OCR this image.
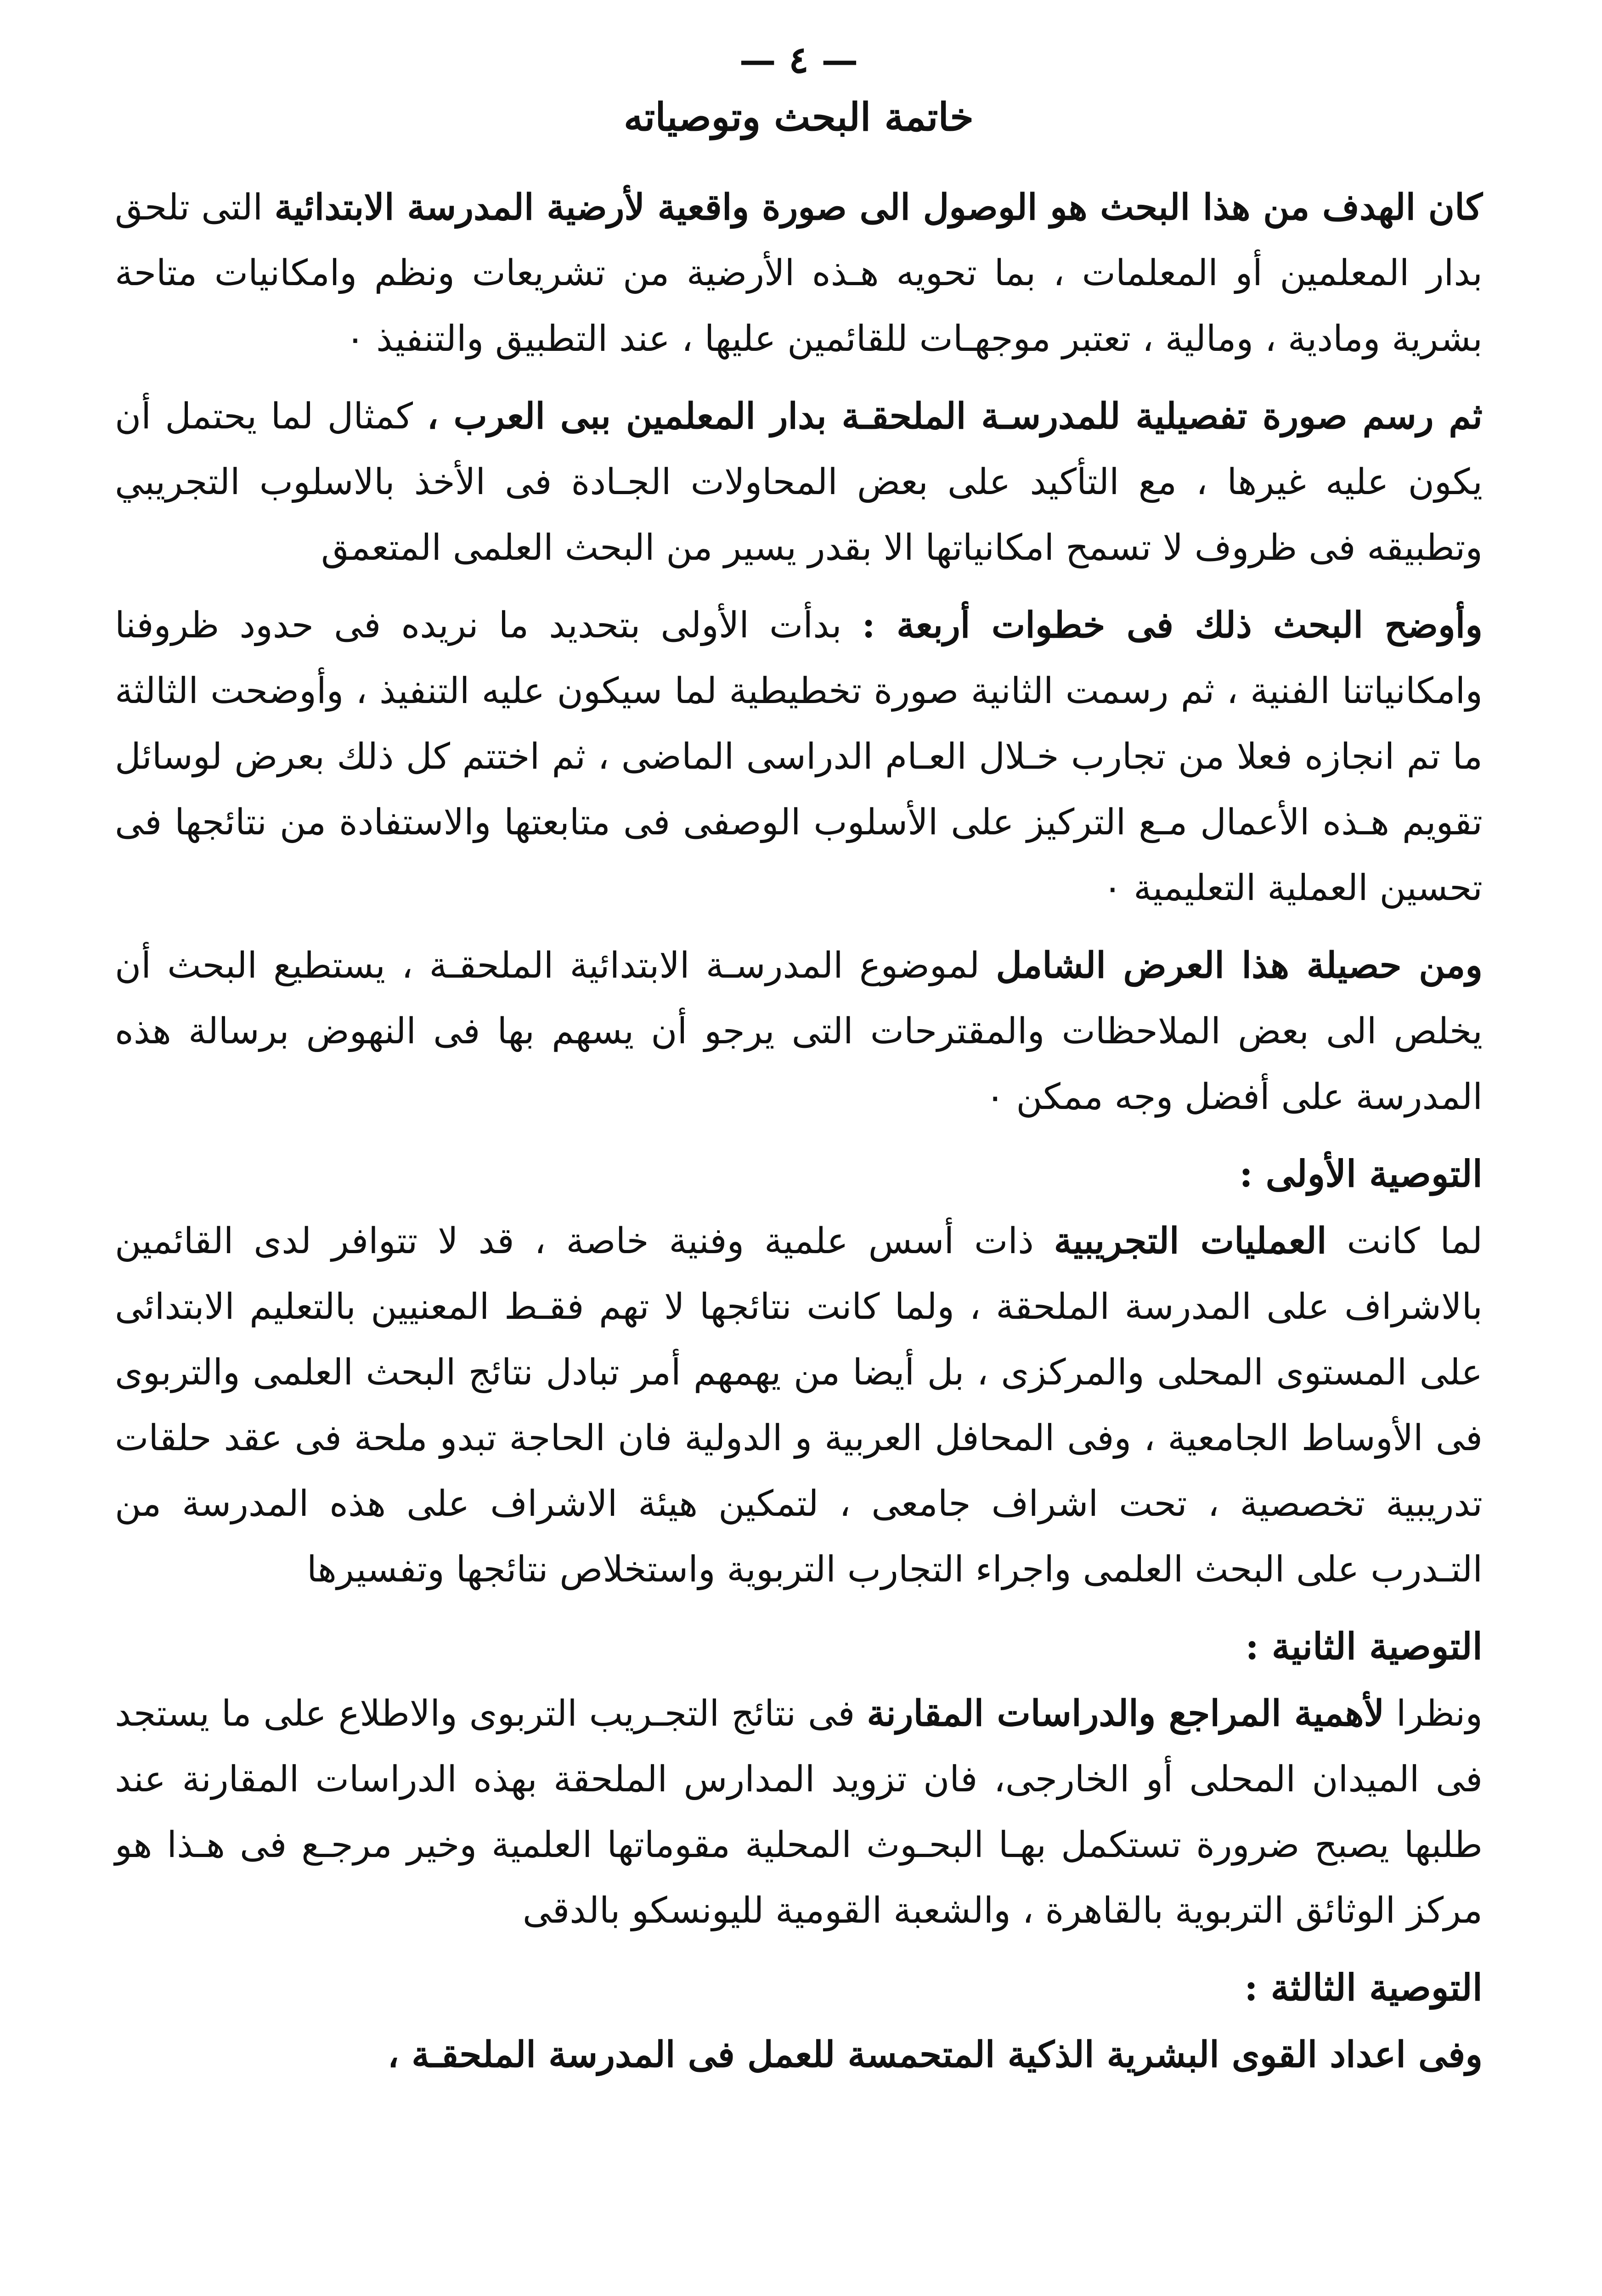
— ٤ —
خاتمة البحث وتوصياته

كان الهدف من هذا البحث هو الوصول الى صورة واقعية لأرضية المدرسة الابتدائية التى تلحق بدار المعلمين أو المعلمات ، بما تحويه هـذه الأرضية من تشريعات ونظم وامكانيات متاحة بشرية ومادية ، ومالية ، تعتبر موجهـات للقائمين عليها ، عند التطبيق والتنفيذ ٠

ثم رسم صورة تفصيلية للمدرسـة الملحقـة بدار المعلمين ببى العرب ، كمثال لما يحتمل أن يكون عليه غيرها ، مع التأكيد على بعض المحاولات الجـادة فى الأخذ بالاسلوب التجريبي وتطبيقه فى ظروف لا تسمح امكانياتها الا بقدر يسير من البحث العلمى المتعمق

وأوضح البحث ذلك فى خطوات أربعة : بدأت الأولى بتحديد ما نريده فى حدود ظروفنا وامكانياتنا الفنية ، ثم رسمت الثانية صورة تخطيطية لما سيكون عليه التنفيذ ، وأوضحت الثالثة ما تم انجازه فعلا من تجارب خـلال العـام الدراسى الماضى ، ثم اختتم كل ذلك بعرض لوسائل تقويم هـذه الأعمال مـع التركيز على الأسلوب الوصفى فى متابعتها والاستفادة من نتائجها فى تحسين العملية التعليمية ٠

ومن حصيلة هذا العرض الشامل لموضوع المدرسـة الابتدائية الملحقـة ، يستطيع البحث أن يخلص الى بعض الملاحظات والمقترحات التى يرجو أن يسهم بها فى النهوض برسالة هذه المدرسة على أفضل وجه ممكن ٠

التوصية الأولى :

لما كانت العمليات التجريبية ذات أسس علمية وفنية خاصة ، قد لا تتوافر لدى القائمين بالاشراف على المدرسة الملحقة ، ولما كانت نتائجها لا تهم فقـط المعنيين بالتعليم الابتدائى على المستوى المحلى والمركزى ، بل أيضا من يهمهم أمر تبادل نتائج البحث العلمى والتربوى فى الأوساط الجامعية ، وفى المحافل العربية و الدولية فان الحاجة تبدو ملحة فى عقد حلقات تدريبية تخصصية ، تحت اشراف جامعى ، لتمكين هيئة الاشراف على هذه المدرسة من التـدرب على البحث العلمى واجراء التجارب التربوية واستخلاص نتائجها وتفسيرها

التوصية الثانية :

ونظرا لأهمية المراجع والدراسات المقارنة فى نتائج التجـريب التربوى والاطلاع على ما يستجد فى الميدان المحلى أو الخارجى، فان تزويد المدارس الملحقة بهذه الدراسات المقارنة عند طلبها يصبح ضرورة تستكمل بهـا البحـوث المحلية مقوماتها العلمية وخير مرجـع فى هـذا هو مركز الوثائق التربوية بالقاهرة ، والشعبة القومية لليونسكو بالدقى

التوصية الثالثة :

وفى اعداد القوى البشرية الذكية المتحمسة للعمل فى المدرسة الملحقـة ،
